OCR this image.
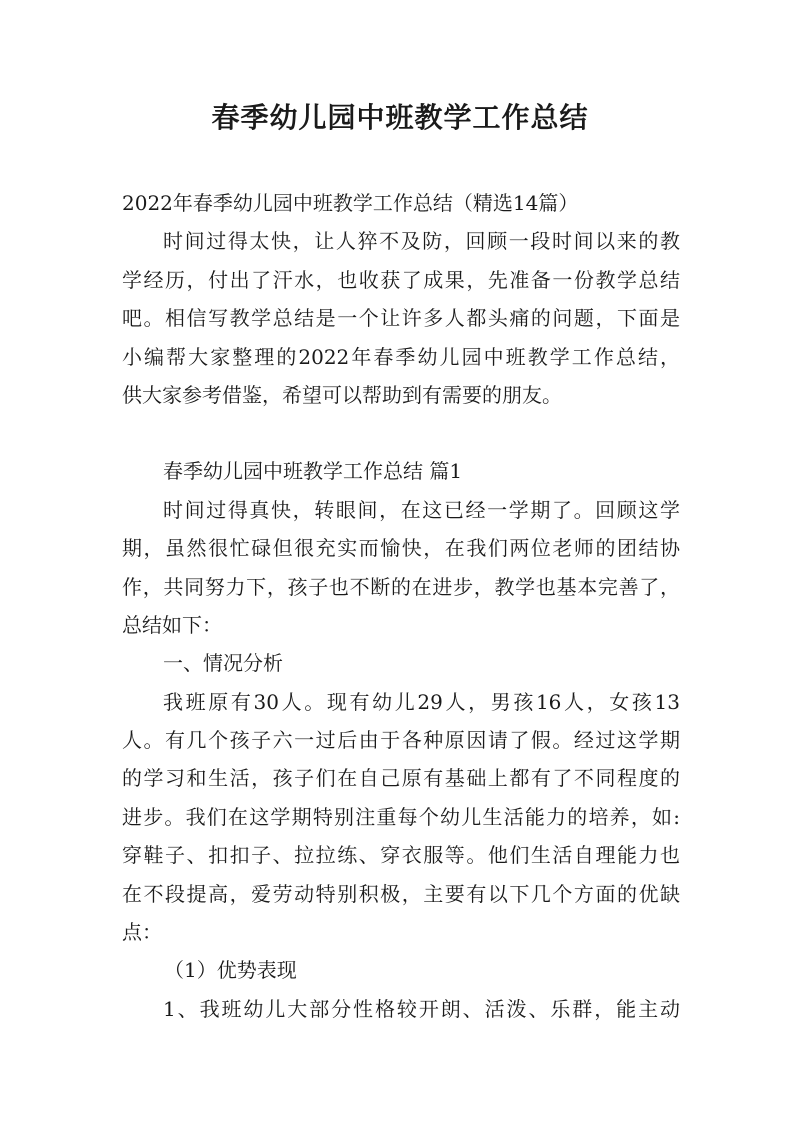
春季幼儿园中班教学工作总结
2022年春季幼儿园中班教学工作总结（精选14篇）
时间过得太快，让人猝不及防，回顾一段时间以来的教
学经历，付出了汗水，也收获了成果，先准备一份教学总结
吧。相信写教学总结是一个让许多人都头痛的问题，下面是
小编帮大家整理的2022年春季幼儿园中班教学工作总结，
供大家参考借鉴，希望可以帮助到有需要的朋友。
春季幼儿园中班教学工作总结 篇1
时间过得真快，转眼间，在这已经一学期了。回顾这学
期，虽然很忙碌但很充实而愉快，在我们两位老师的团结协
作，共同努力下，孩子也不断的在进步，教学也基本完善了，
总结如下：
一、情况分析
我班原有30人。现有幼儿29人，男孩16人，女孩13
人。有几个孩子六一过后由于各种原因请了假。经过这学期
的学习和生活，孩子们在自己原有基础上都有了不同程度的
进步。我们在这学期特别注重每个幼儿生活能力的培养，如:
穿鞋子、扣扣子、拉拉练、穿衣服等。他们生活自理能力也
在不段提高，爱劳动特别积极，主要有以下几个方面的优缺
点：
（1）优势表现
1、我班幼儿大部分性格较开朗、活泼、乐群，能主动
